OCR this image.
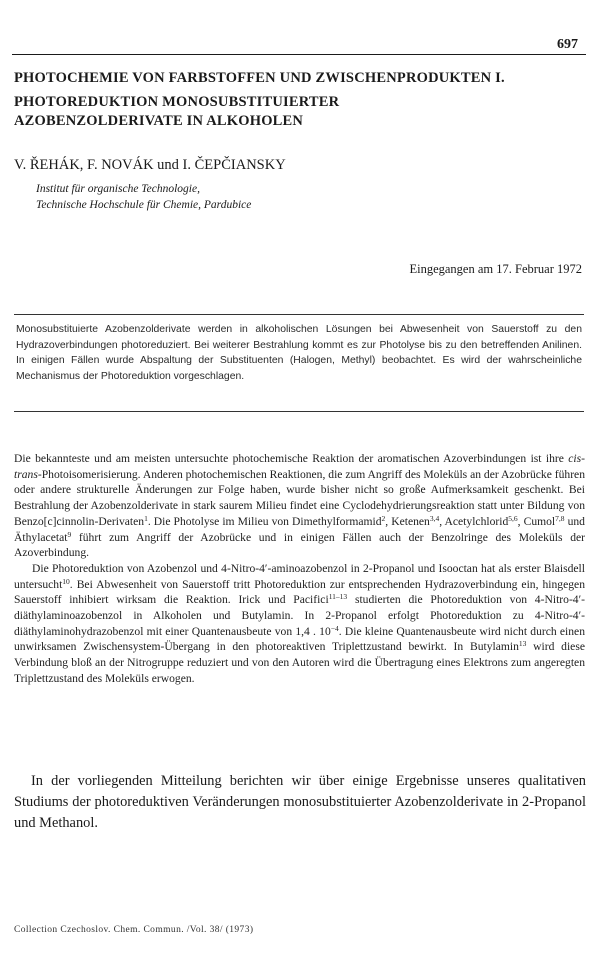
697
PHOTOCHEMIE VON FARBSTOFFEN UND ZWISCHENPRODUKTEN I.
PHOTOREDUKTION MONOSUBSTITUIERTER
AZOBENZOLDERIVATE IN ALKOHOLEN
V. ŘEHÁK, F. NOVÁK und I. ČEPČIANSKY
Institut für organische Technologie,
Technische Hochschule für Chemie, Pardubice
Eingegangen am 17. Februar 1972
Monosubstituierte Azobenzolderivate werden in alkoholischen Lösungen bei Abwesenheit von Sauerstoff zu den Hydrazoverbindungen photoreduziert. Bei weiterer Bestrahlung kommt es zur Photolyse bis zu den betreffenden Anilinen. In einigen Fällen wurde Abspaltung der Substituenten (Halogen, Methyl) beobachtet. Es wird der wahrscheinliche Mechanismus der Photoreduktion vorgeschlagen.

Die bekannteste und am meisten untersuchte photochemische Reaktion der aromatischen Azoverbindungen ist ihre cis-trans-Photoisomerisierung. Anderen photochemischen Reaktionen, die zum Angriff des Moleküls an der Azobrücke führen oder andere strukturelle Änderungen zur Folge haben, wurde bisher nicht so große Aufmerksamkeit geschenkt. Bei Bestrahlung der Azobenzolderivate in stark saurem Milieu findet eine Cyclodehydrierungsreaktion statt unter Bildung von Benzo[c]cinnolin-Derivaten$^1$. Die Photolyse im Milieu von Dimethylformamid$^2$, Ketenen$^{3,4}$, Acetylchlorid$^{5,6}$, Cumol$^{7,8}$ und Äthylacetat$^9$ führt zum Angriff der Azobrücke und in einigen Fällen auch der Benzolringe des Moleküls der Azoverbindung.

Die Photoreduktion von Azobenzol und 4-Nitro-4′-aminoazobenzol in 2-Propanol und Isooctan hat als erster Blaisdell untersucht$^{10}$. Bei Abwesenheit von Sauerstoff tritt Photoreduktion zur entsprechenden Hydrazoverbindung ein, hingegen Sauerstoff inhibiert wirksam die Reaktion. Irick und Pacifici$^{11-13}$ studierten die Photoreduktion von 4-Nitro-4′-diäthylaminoazobenzol in Alkoholen und Butylamin. In 2-Propanol erfolgt Photoreduktion zu 4-Nitro-4′-diäthylaminohydrazobenzol mit einer Quantenausbeute von 1,4 . $10^{-4}$. Die kleine Quantenausbeute wird nicht durch einen unwirksamen Zwischensystem-Übergang in den photoreaktiven Triplettzustand bewirkt. In Butylamin$^{13}$ wird diese Verbindung bloß an der Nitrogruppe reduziert und von den Autoren wird die Übertragung eines Elektrons zum angeregten Triplettzustand des Moleküls erwogen.

In der vorliegenden Mitteilung berichten wir über einige Ergebnisse unseres qualitativen Studiums der photoreduktiven Veränderungen monosubstituierter Azobenzolderivate in 2-Propanol und Methanol.
Collection Czechoslov. Chem. Commun. /Vol. 38/ (1973)
